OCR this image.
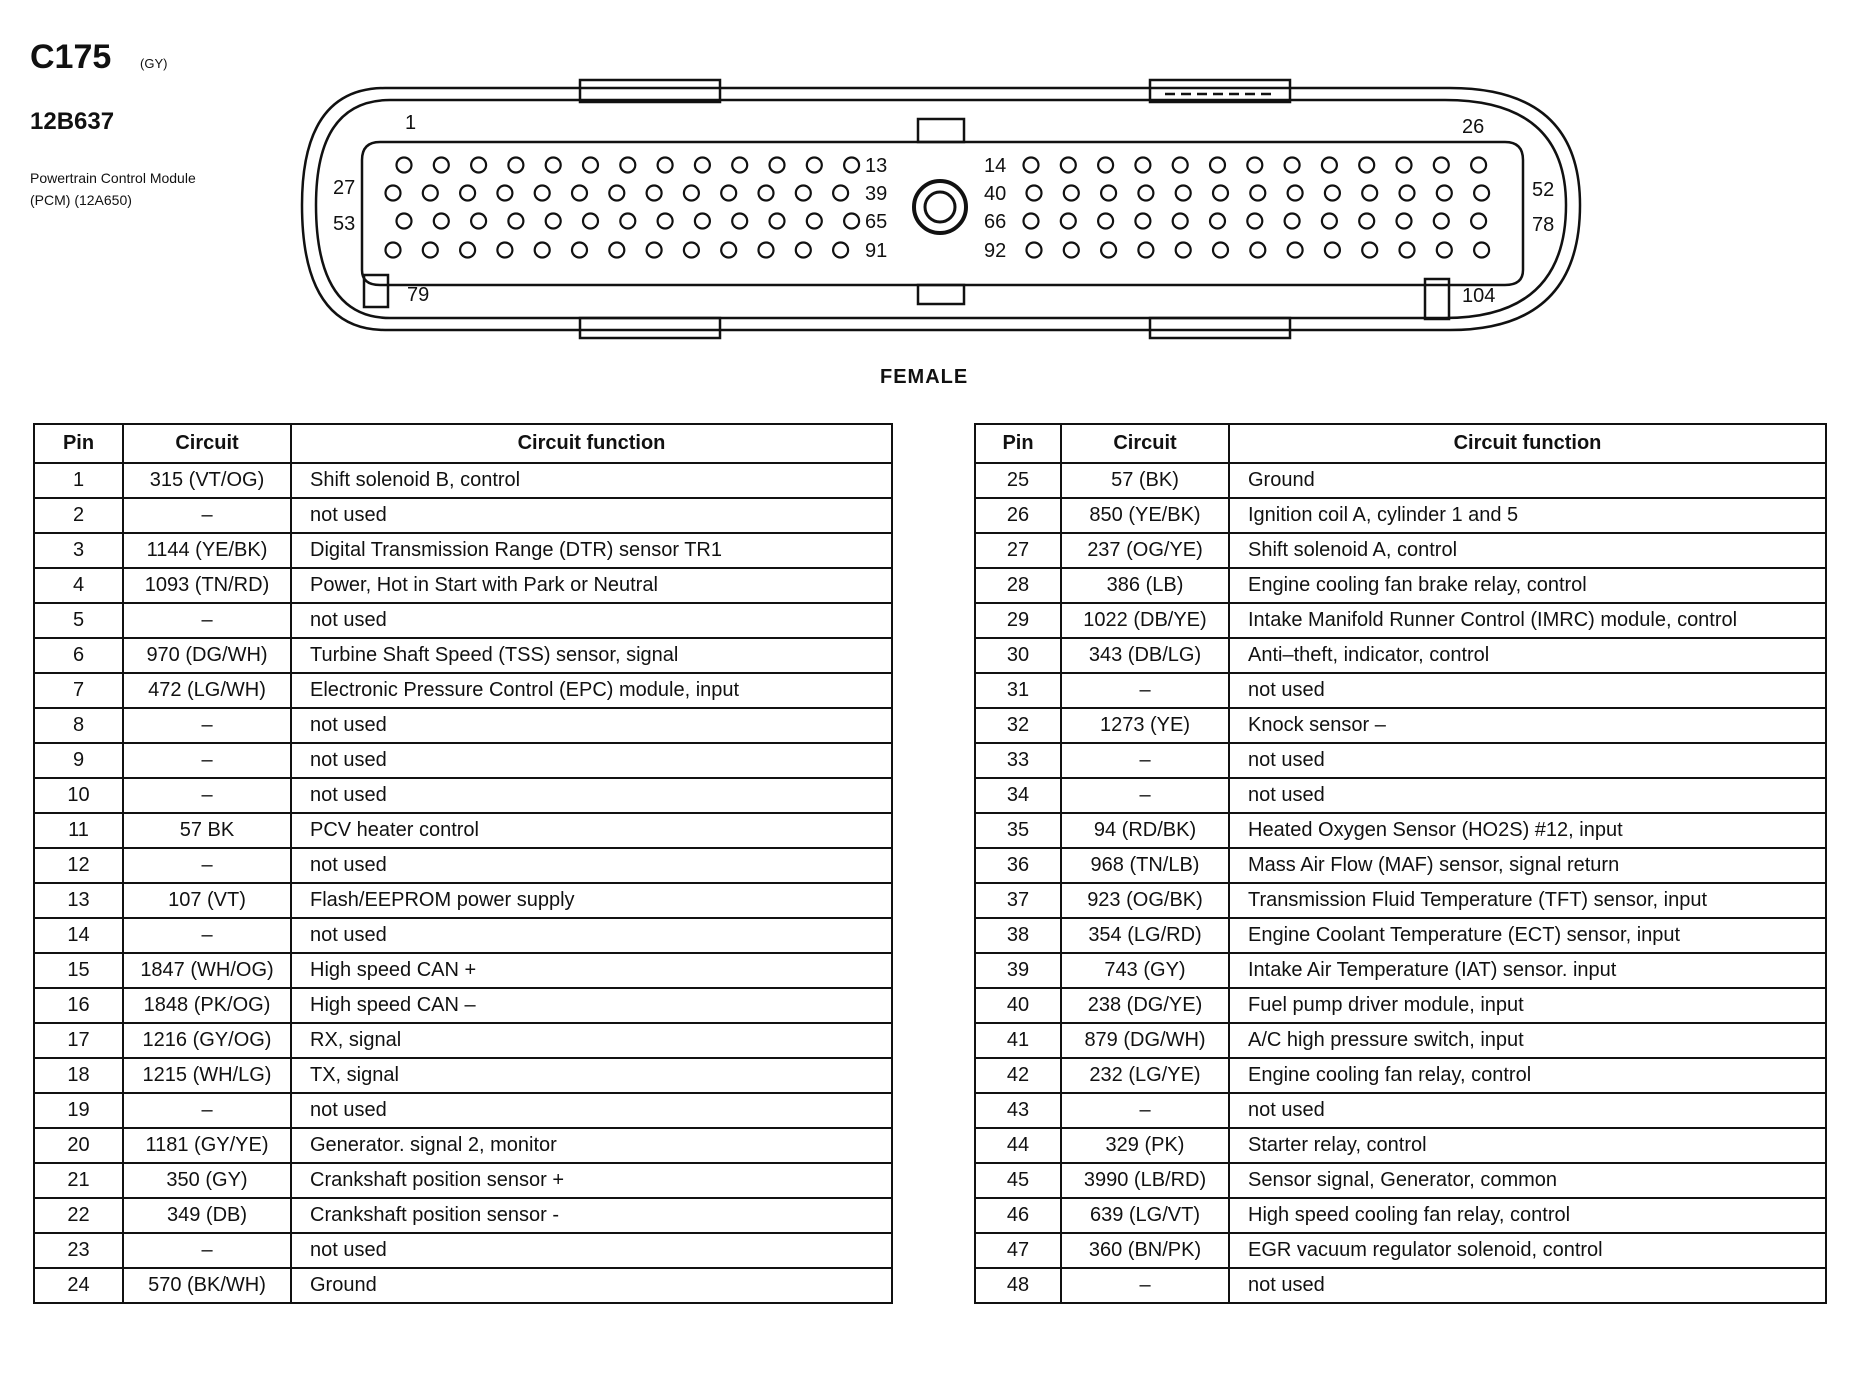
C175 (GY)
12B637
Powertrain Control Module
(PCM) (12A650)
1	26
13	14
27	39	40	52
53	65	66	78
91	92
79	104
FEMALE
Pin	Circuit	Circuit function
1	315 (VT/OG)	Shift solenoid B, control
2	–	not used
3	1144 (YE/BK)	Digital Transmission Range (DTR) sensor TR1
4	1093 (TN/RD)	Power, Hot in Start with Park or Neutral
5	–	not used
6	970 (DG/WH)	Turbine Shaft Speed (TSS) sensor, signal
7	472 (LG/WH)	Electronic Pressure Control (EPC) module, input
8	–	not used
9	–	not used
10	–	not used
11	57 BK	PCV heater control
12	–	not used
13	107 (VT)	Flash/EEPROM power supply
14	–	not used
15	1847 (WH/OG)	High speed CAN +
16	1848 (PK/OG)	High speed CAN –
17	1216 (GY/OG)	RX, signal
18	1215 (WH/LG)	TX, signal
19	–	not used
20	1181 (GY/YE)	Generator. signal 2, monitor
21	350 (GY)	Crankshaft position sensor +
22	349 (DB)	Crankshaft position sensor -
23	–	not used
24	570 (BK/WH)	Ground
Pin	Circuit	Circuit function
25	57 (BK)	Ground
26	850 (YE/BK)	Ignition coil A, cylinder 1 and 5
27	237 (OG/YE)	Shift solenoid A, control
28	386 (LB)	Engine cooling fan brake relay, control
29	1022 (DB/YE)	Intake Manifold Runner Control (IMRC) module, control
30	343 (DB/LG)	Anti–theft, indicator, control
31	–	not used
32	1273 (YE)	Knock sensor –
33	–	not used
34	–	not used
35	94 (RD/BK)	Heated Oxygen Sensor (HO2S) #12, input
36	968 (TN/LB)	Mass Air Flow (MAF) sensor, signal return
37	923 (OG/BK)	Transmission Fluid Temperature (TFT) sensor, input
38	354 (LG/RD)	Engine Coolant Temperature (ECT) sensor, input
39	743 (GY)	Intake Air Temperature (IAT) sensor. input
40	238 (DG/YE)	Fuel pump driver module, input
41	879 (DG/WH)	A/C high pressure switch, input
42	232 (LG/YE)	Engine cooling fan relay, control
43	–	not used
44	329 (PK)	Starter relay, control
45	3990 (LB/RD)	Sensor signal, Generator, common
46	639 (LG/VT)	High speed cooling fan relay, control
47	360 (BN/PK)	EGR vacuum regulator solenoid, control
48	–	not used
